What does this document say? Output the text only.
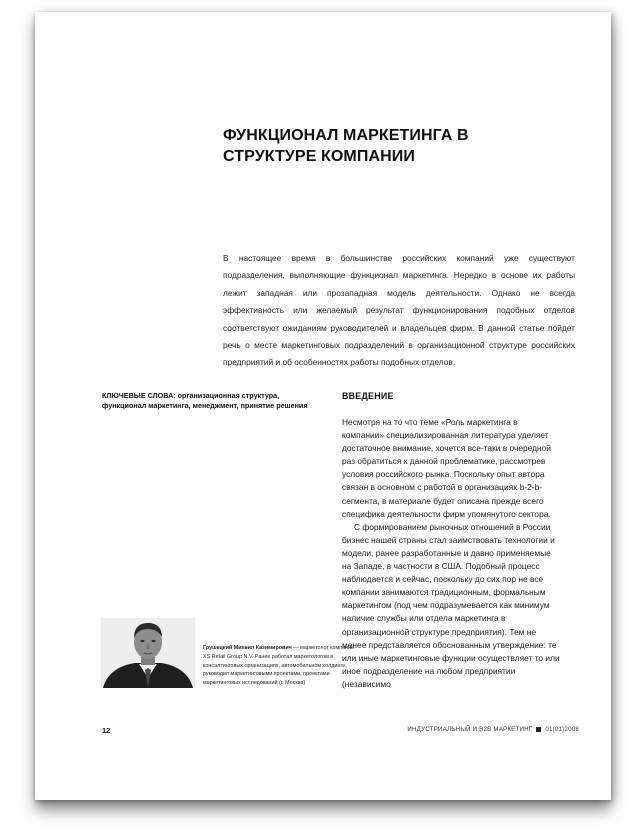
ФУНКЦИОНАЛ МАРКЕТИНГА В СТРУКТУРЕ КОМПАНИИ
В настоящее время в большинстве российских компаний уже существуют подразделения, выполняющие функционал маркетинга. Нередко в основе их работы лежит западная или прозападная модель деятельности. Однако не всегда эффективность или желаемый результат функционирования подобных отделов соответствуют ожиданиям руководителей и владельцев фирм. В данной статье пойдет речь о месте маркетинговых подразделений в организационной структуре российских предприятий и об особенностях работы подобных отделов.
КЛЮЧЕВЫЕ СЛОВА: организационная структура, функционал маркетинга, менеджмент, принятие решения
ВВЕДЕНИЕ

Несмотря на то что теме «Роль маркетинга в компании» специализированная литература уделяет достаточное внимание, хочется все-таки в очередной раз обратиться к данной проблематике, рассмотрев условия российского рынка. Поскольку опыт автора связан в основном с работой в организациях b-2-b-сегмента, в материале будет описана прежде всего специфика деятельности фирм упомянутого сектора.

С формированием рыночных отношений в России бизнес нашей страны стал заимствовать технологии и модели, ранее разработанные и давно применяемые на Западе, в частности в США. Подобный процесс наблюдается и сейчас, поскольку до сих пор не все компании занимаются традиционным, формальным маркетингом (под чем подразумевается как минимум наличие службы или отдела маркетинга в организационной структуре предприятия). Тем не менее представляется обоснованным утверждение: те или иные маркетинговые функции осуществляет то или иное подразделение на любом предприятии (независимо

Грушецкий Михаил Казимирович — маркетолог компании XS Retail Group N.V. Ранее работал маркетологом в консалтинговых организациях, автомобильном холдинге, руководил маркетинговыми проектами, проектами маркетинговых исследований (г. Москва)
12	ИНДУСТРИАЛЬНЫЙ И B2B МАРКЕТИНГ 01(01)2008
